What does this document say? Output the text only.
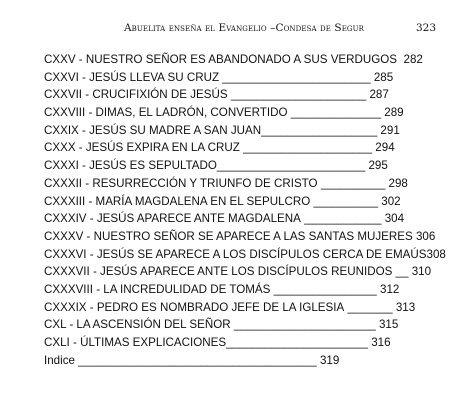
Abuelita enseña el Evangelio –Condesa de Segur	323
CXXV - NUESTRO SEÑOR ES ABANDONADO A SUS VERDUGOS 282
CXXVI - JESÚS LLEVA SU CRUZ _______________________ 285
CXXVII - CRUCIFIXIÓN DE JESÚS _____________________ 287
CXXVIII - DIMAS, EL LADRÓN, CONVERTIDO ______________ 289
CXXIX - JESÚS SU MADRE A SAN JUAN__________________ 291
CXXX - JESÚS EXPIRA EN LA CRUZ ____________________ 294
CXXXI - JESÚS ES SEPULTADO_______________________ 295
CXXXII - RESURRECCIÓN Y TRIUNFO DE CRISTO __________ 298
CXXXIII - MARÍA MAGDALENA EN EL SEPULCRO __________ 302
CXXXIV - JESÚS APARECE ANTE MAGDALENA ____________ 304
CXXXV - NUESTRO SEÑOR SE APARECE A LAS SANTAS MUJERES 306
CXXXVI - JESÚS SE APARECE A LOS DISCÍPULOS CERCA DE EMAÚS308
CXXXVII - JESÚS APARECE ANTE LOS DISCÍPULOS REUNIDOS __ 310
CXXXVIII - LA INCREDULIDAD DE TOMÁS ________________ 312
CXXXIX - PEDRO ES NOMBRADO JEFE DE LA IGLESIA _______ 313
CXL - LA ASCENSIÓN DEL SEÑOR ______________________ 315
CXLI - ÚLTIMAS EXPLICACIONES______________________ 316
Indice _____________________________________ 319
